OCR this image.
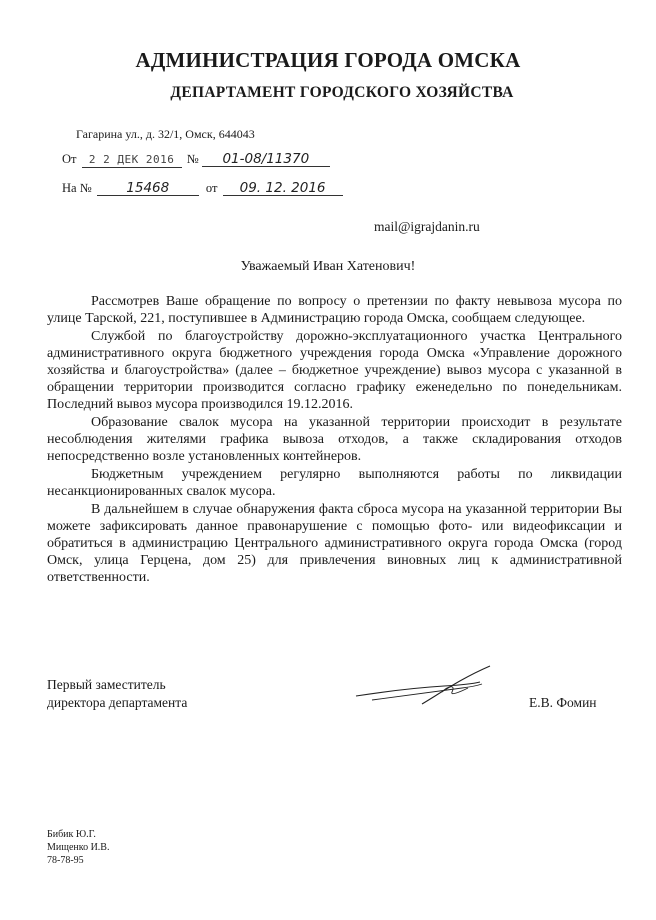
АДМИНИСТРАЦИЯ ГОРОДА ОМСКА
ДЕПАРТАМЕНТ ГОРОДСКОГО ХОЗЯЙСТВА
Гагарина ул., д. 32/1, Омск, 644043
От 2 2 ДЕК 2016 № 01-08/11370
На №	15468	от 09. 12. 2016
mail@igrajdanin.ru
Уважаемый Иван Хатенович!

Рассмотрев Ваше обращение по вопросу о претензии по факту невывоза мусора по улице Тарской, 221, поступившее в Администрацию города Омска, сообщаем следующее.

Службой по благоустройству дорожно-эксплуатационного участка Центрального административного округа бюджетного учреждения города Омска «Управление дорожного хозяйства и благоустройства» (далее – бюджетное учреждение) вывоз мусора с указанной в обращении территории производится согласно графику еженедельно по понедельникам. Последний вывоз мусора производился 19.12.2016.

Образование свалок мусора на указанной территории происходит в результате несоблюдения жителями графика вывоза отходов, а также складирования отходов непосредственно возле установленных контейнеров.

Бюджетным учреждением регулярно выполняются работы по ликвидации несанкционированных свалок мусора.

В дальнейшем в случае обнаружения факта сброса мусора на указанной территории Вы можете зафиксировать данное правонарушение с помощью фото- или видеофиксации и обратиться в администрацию Центрального административного округа города Омска (город Омск, улица Герцена, дом 25) для привлечения виновных лиц к административной ответственности.

Первый заместитель
директора департамента	Е.В. Фомин
Бибик Ю.Г.
Мищенко И.В.
78-78-95
